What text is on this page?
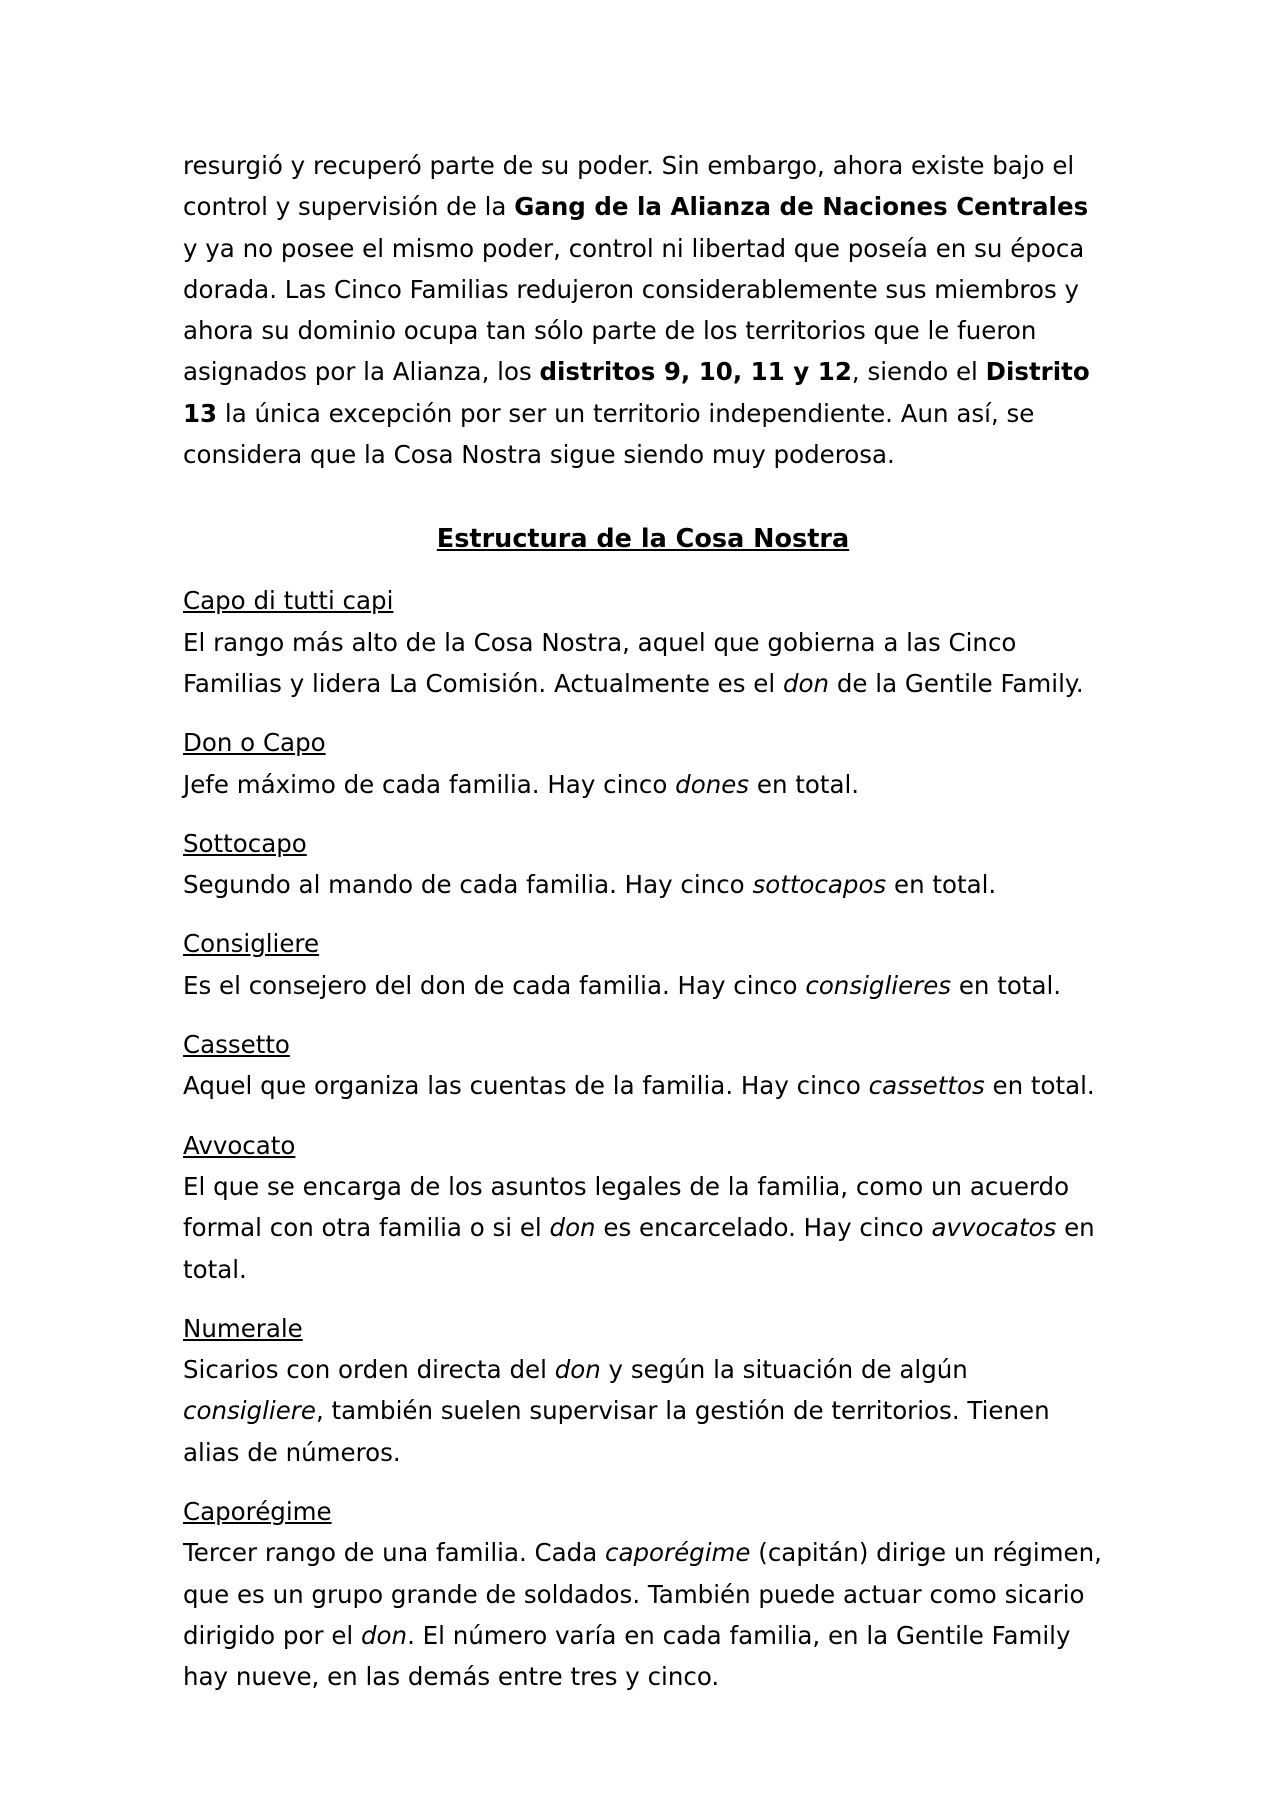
resurgió y recuperó parte de su poder. Sin embargo, ahora existe bajo el control y supervisión de la Gang de la Alianza de Naciones Centrales y ya no posee el mismo poder, control ni libertad que poseía en su época dorada. Las Cinco Familias redujeron considerablemente sus miembros y ahora su dominio ocupa tan sólo parte de los territorios que le fueron asignados por la Alianza, los distritos 9, 10, 11 y 12, siendo el Distrito 13 la única excepción por ser un territorio independiente. Aun así, se considera que la Cosa Nostra sigue siendo muy poderosa.

Estructura de la Cosa Nostra
Capo di tutti capi
El rango más alto de la Cosa Nostra, aquel que gobierna a las Cinco Familias y lidera La Comisión. Actualmente es el don de la Gentile Family.
Don o Capo
Jefe máximo de cada familia. Hay cinco dones en total.
Sottocapo
Segundo al mando de cada familia. Hay cinco sottocapos en total.
Consigliere
Es el consejero del don de cada familia. Hay cinco consiglieres en total.
Cassetto
Aquel que organiza las cuentas de la familia. Hay cinco cassettos en total.
Avvocato
El que se encarga de los asuntos legales de la familia, como un acuerdo formal con otra familia o si el don es encarcelado. Hay cinco avvocatos en total.
Numerale
Sicarios con orden directa del don y según la situación de algún consigliere, también suelen supervisar la gestión de territorios. Tienen alias de números.
Caporégime
Tercer rango de una familia. Cada caporégime (capitán) dirige un régimen, que es un grupo grande de soldados. También puede actuar como sicario dirigido por el don. El número varía en cada familia, en la Gentile Family hay nueve, en las demás entre tres y cinco.
